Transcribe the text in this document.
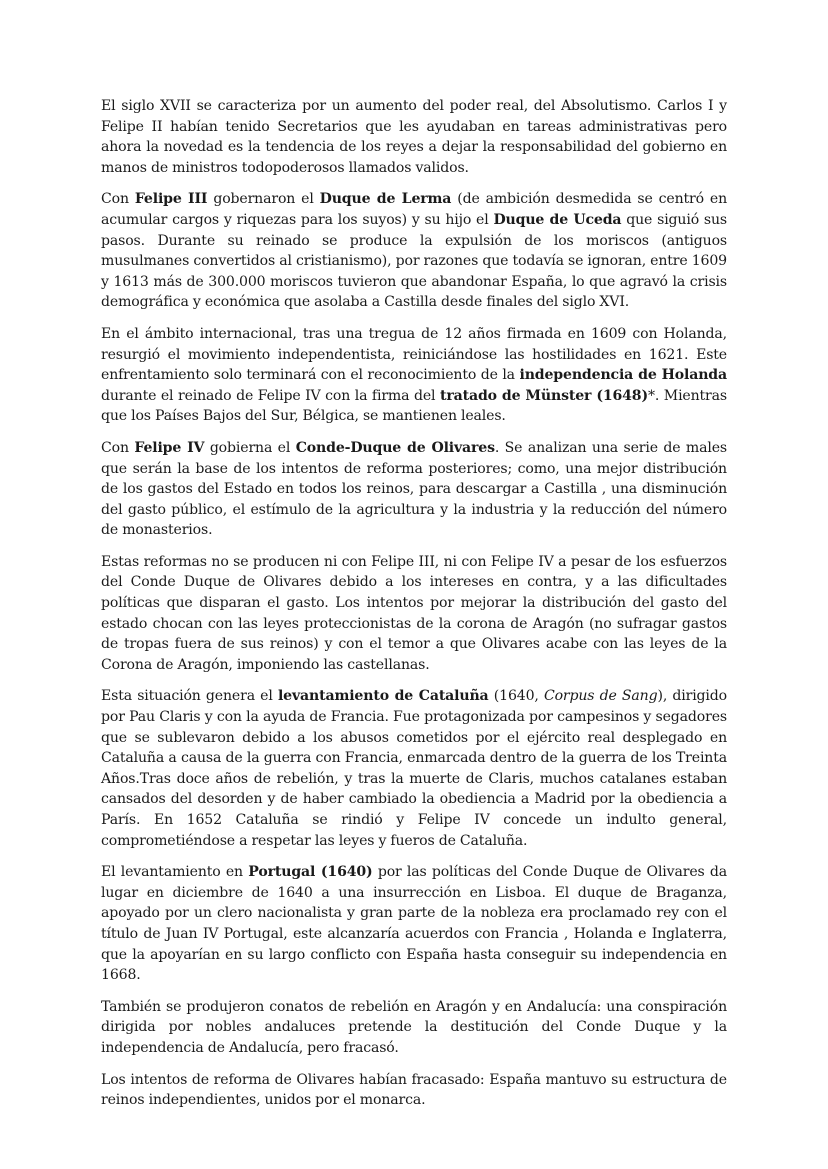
El siglo XVII se caracteriza por un aumento del poder real, del Absolutismo. Carlos I y Felipe II habían tenido Secretarios que les ayudaban en tareas administrativas pero ahora la novedad es la tendencia de los reyes a dejar la responsabilidad del gobierno en manos de ministros todopoderosos llamados validos.

Con Felipe III gobernaron el Duque de Lerma (de ambición desmedida se centró en acumular cargos y riquezas para los suyos) y su hijo el Duque de Uceda que siguió sus pasos. Durante su reinado se produce la expulsión de los moriscos (antiguos musulmanes convertidos al cristianismo), por razones que todavía se ignoran, entre 1609 y 1613 más de 300.000 moriscos tuvieron que abandonar España, lo que agravó la crisis demográfica y económica que asolaba a Castilla desde finales del siglo XVI.

En el ámbito internacional, tras una tregua de 12 años firmada en 1609 con Holanda, resurgió el movimiento independentista, reiniciándose las hostilidades en 1621. Este enfrentamiento solo terminará con el reconocimiento de la independencia de Holanda durante el reinado de Felipe IV con la firma del tratado de Münster (1648)*. Mientras que los Países Bajos del Sur, Bélgica, se mantienen leales.

Con Felipe IV gobierna el Conde-Duque de Olivares. Se analizan una serie de males que serán la base de los intentos de reforma posteriores; como, una mejor distribución de los gastos del Estado en todos los reinos, para descargar a Castilla , una disminución del gasto público, el estímulo de la agricultura y la industria y la reducción del número de monasterios.

Estas reformas no se producen ni con Felipe III, ni con Felipe IV a pesar de los esfuerzos del Conde Duque de Olivares debido a los intereses en contra, y a las dificultades políticas que disparan el gasto. Los intentos por mejorar la distribución del gasto del estado chocan con las leyes proteccionistas de la corona de Aragón (no sufragar gastos de tropas fuera de sus reinos) y con el temor a que Olivares acabe con las leyes de la Corona de Aragón, imponiendo las castellanas.

Esta situación genera el levantamiento de Cataluña (1640, Corpus de Sang), dirigido por Pau Claris y con la ayuda de Francia. Fue protagonizada por campesinos y segadores que se sublevaron debido a los abusos cometidos por el ejército real desplegado en Cataluña a causa de la guerra con Francia, enmarcada dentro de la guerra de los Treinta Años.Tras doce años de rebelión, y tras la muerte de Claris, muchos catalanes estaban cansados del desorden y de haber cambiado la obediencia a Madrid por la obediencia a París. En 1652 Cataluña se rindió y Felipe IV concede un indulto general, comprometiéndose a respetar las leyes y fueros de Cataluña.

El levantamiento en Portugal (1640) por las políticas del Conde Duque de Olivares da lugar en diciembre de 1640 a una insurrección en Lisboa. El duque de Braganza, apoyado por un clero nacionalista y gran parte de la nobleza era proclamado rey con el título de Juan IV Portugal, este alcanzaría acuerdos con Francia , Holanda e Inglaterra, que la apoyarían en su largo conflicto con España hasta conseguir su independencia en 1668.

También se produjeron conatos de rebelión en Aragón y en Andalucía: una conspiración dirigida por nobles andaluces pretende la destitución del Conde Duque y la independencia de Andalucía, pero fracasó.

Los intentos de reforma de Olivares habían fracasado: España mantuvo su estructura de reinos independientes, unidos por el monarca.
